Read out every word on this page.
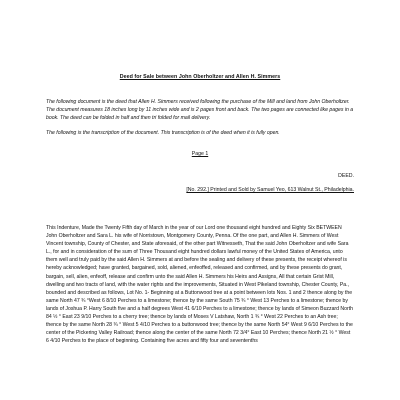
Deed for Sale between John Oberholtzer and Allen H. Simmers

The following document is the deed that Allen H. Simmers received following the purchase of the Mill and land from John Oberholtzer. The document measures 18 inches long by 11 inches wide and is 2 pages front and back. The two pages are connected like pages in a book. The deed can be folded in half and then tri folded for mail delivery.

The following is the transcription of the document. This transcription is of the deed when it is fully open.

Page 1
DEED.
[No. 292.] Printed and Sold by Samuel Yeo, 613 Walnut St., Philadelphia.

This Indenture, Made the Twenty Fifth day of March in the year of our Lord one thousand eight hundred and Eighty Six BETWEEN John Oberholtzer and Sara L. his wife of Norristown, Montgomery County, Penna. Of the one part, and Allen H. Simmers of West Vincent township, County of Chester, and State aforesaid, of the other part Witnesseth, That the said John Oberholtzer and wife Sara L., for and in consideration of the sum of Three Thousand eight hundred dollars lawful money of the United States of America, unto them well and truly paid by the said Allen H. Simmers at and before the sealing and delivery of these presents, the receipt whereof is hereby acknowledged; have granted, bargained, sold, aliened, enfeoffed, released and confirmed, and by these presents do grant, bargain, sell, alien, enfeoff, release and confirm unto the said Allen H. Simmers his Heirs and Assigns, All that certain Grist Mill, dwelling and two tracts of land, with the water rights and the improvements, Situated in West Pikeland township, Chester County, Pa., bounded and described as follows, Lot No. 1- Beginning at a Buttonwood tree at a point between lots Nos. 1 and 2 thence along by the same North 47 ¾ °West 6 8/10 Perches to a limestone; thence by the same South 75 ¾ ° West 13 Perches to a limestone; thence by lands of Joshua P. Harry South five and a half degrees West 41 6/10 Perches to a limestone; thence by lands of Simeon Buzzard North 84 ½ ° East 23 9/10 Perches to a cherry tree; thence by lands of Moses V Latshaw, North 1 ¾ ° West 22 Perches to an Ash tree; thence by the same North 28 ¾ ° West 5 4/10 Perches to a buttonwood tree; thence by the same North 54° West 9 6/10 Perches to the center of the Pickering Valley Railroad; thence along the center of the same North 72 3/4° East 10 Perches; thence North 21 ½ ° West 6 4/10 Perches to the place of beginning. Containing five acres and fifty four and seventenths
